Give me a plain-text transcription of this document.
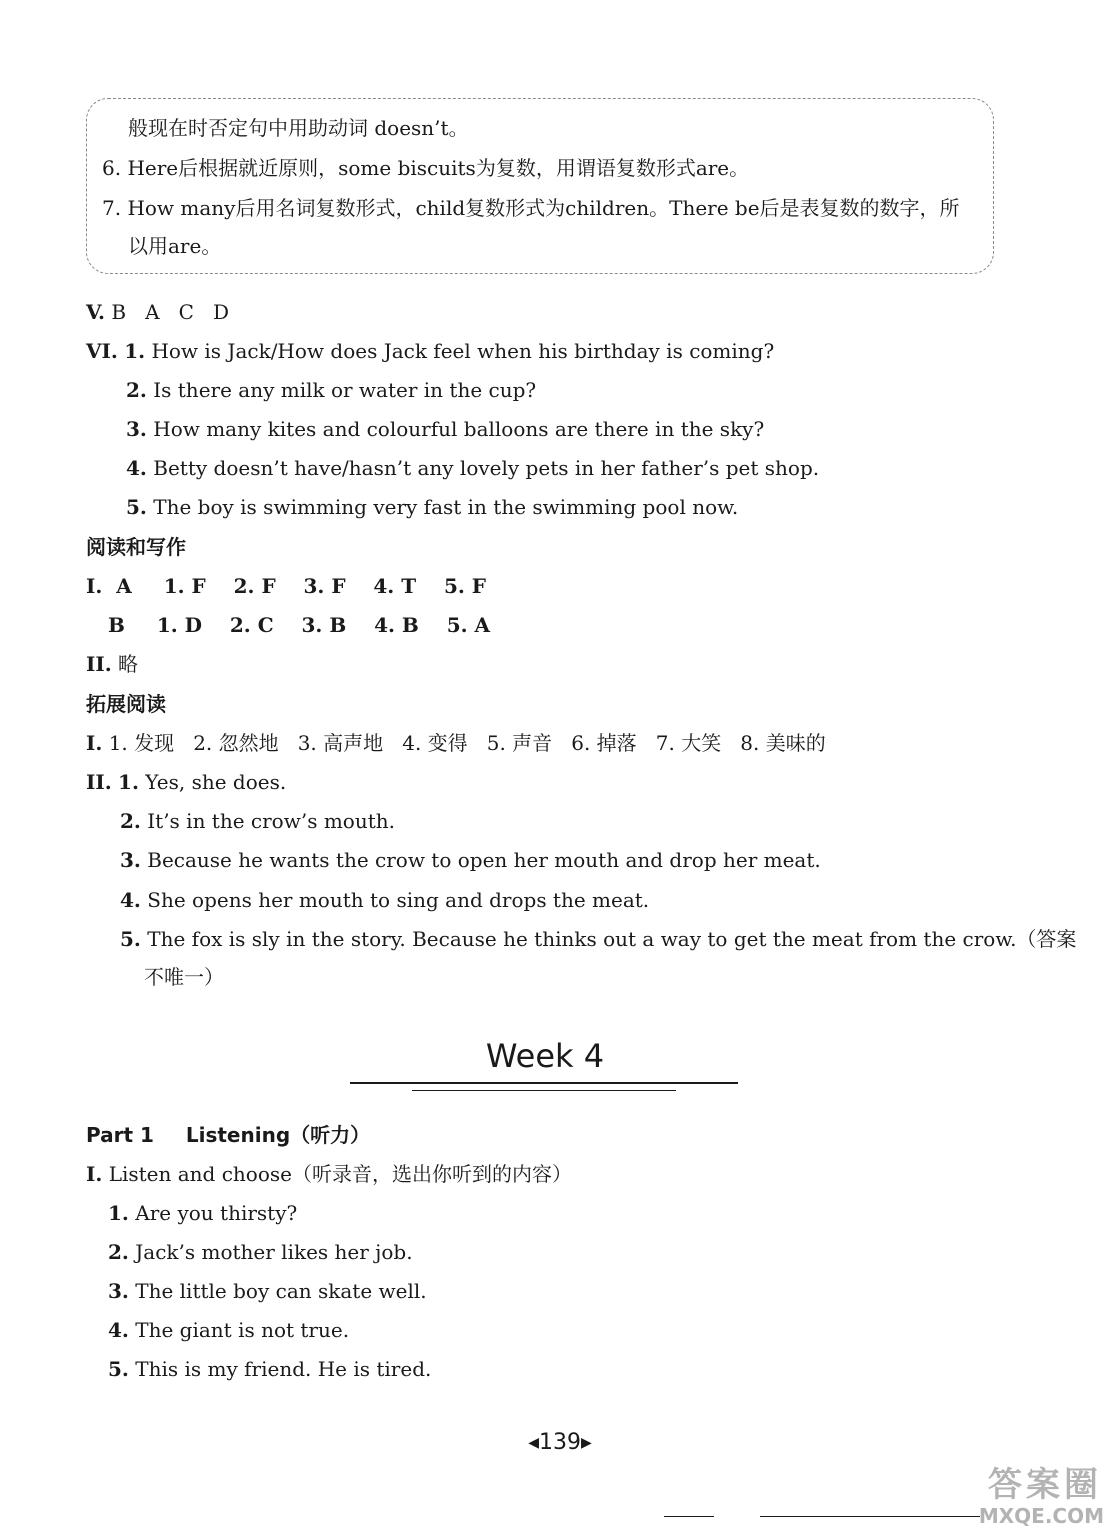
般现在时否定句中用助动词 doesn’t。
6. Here后根据就近原则，some biscuits为复数，用谓语复数形式are。
7. How many后用名词复数形式，child复数形式为children。There be后是表复数的数字，所
以用are。
V. B   A   C   D
VI. 1. How is Jack/How does Jack feel when his birthday is coming?
2. Is there any milk or water in the cup?
3. How many kites and colourful balloons are there in the sky?
4. Betty doesn’t have/hasn’t any lovely pets in her father’s pet shop.
5. The boy is swimming very fast in the swimming pool now.
阅读和写作
I.  A 1. F    2. F    3. F    4. T    5. F
B 1. D    2. C    3. B    4. B    5. A
II. 略
拓展阅读
I. 1. 发现   2. 忽然地   3. 高声地   4. 变得   5. 声音   6. 掉落   7. 大笑   8. 美味的
II. 1. Yes, she does.
2. It’s in the crow’s mouth.
3. Because he wants the crow to open her mouth and drop her meat.
4. She opens her mouth to sing and drops the meat.
5. The fox is sly in the story. Because he thinks out a way to get the meat from the crow.（答案
不唯一）
Week 4
Part 1 Listening（听力）
I. Listen and choose（听录音，选出你听到的内容）
1. Are you thirsty?
2. Jack’s mother likes her job.
3. The little boy can skate well.
4. The giant is not true.
5. This is my friend. He is tired.
◀139▶
答案圈
MXQE.COM
